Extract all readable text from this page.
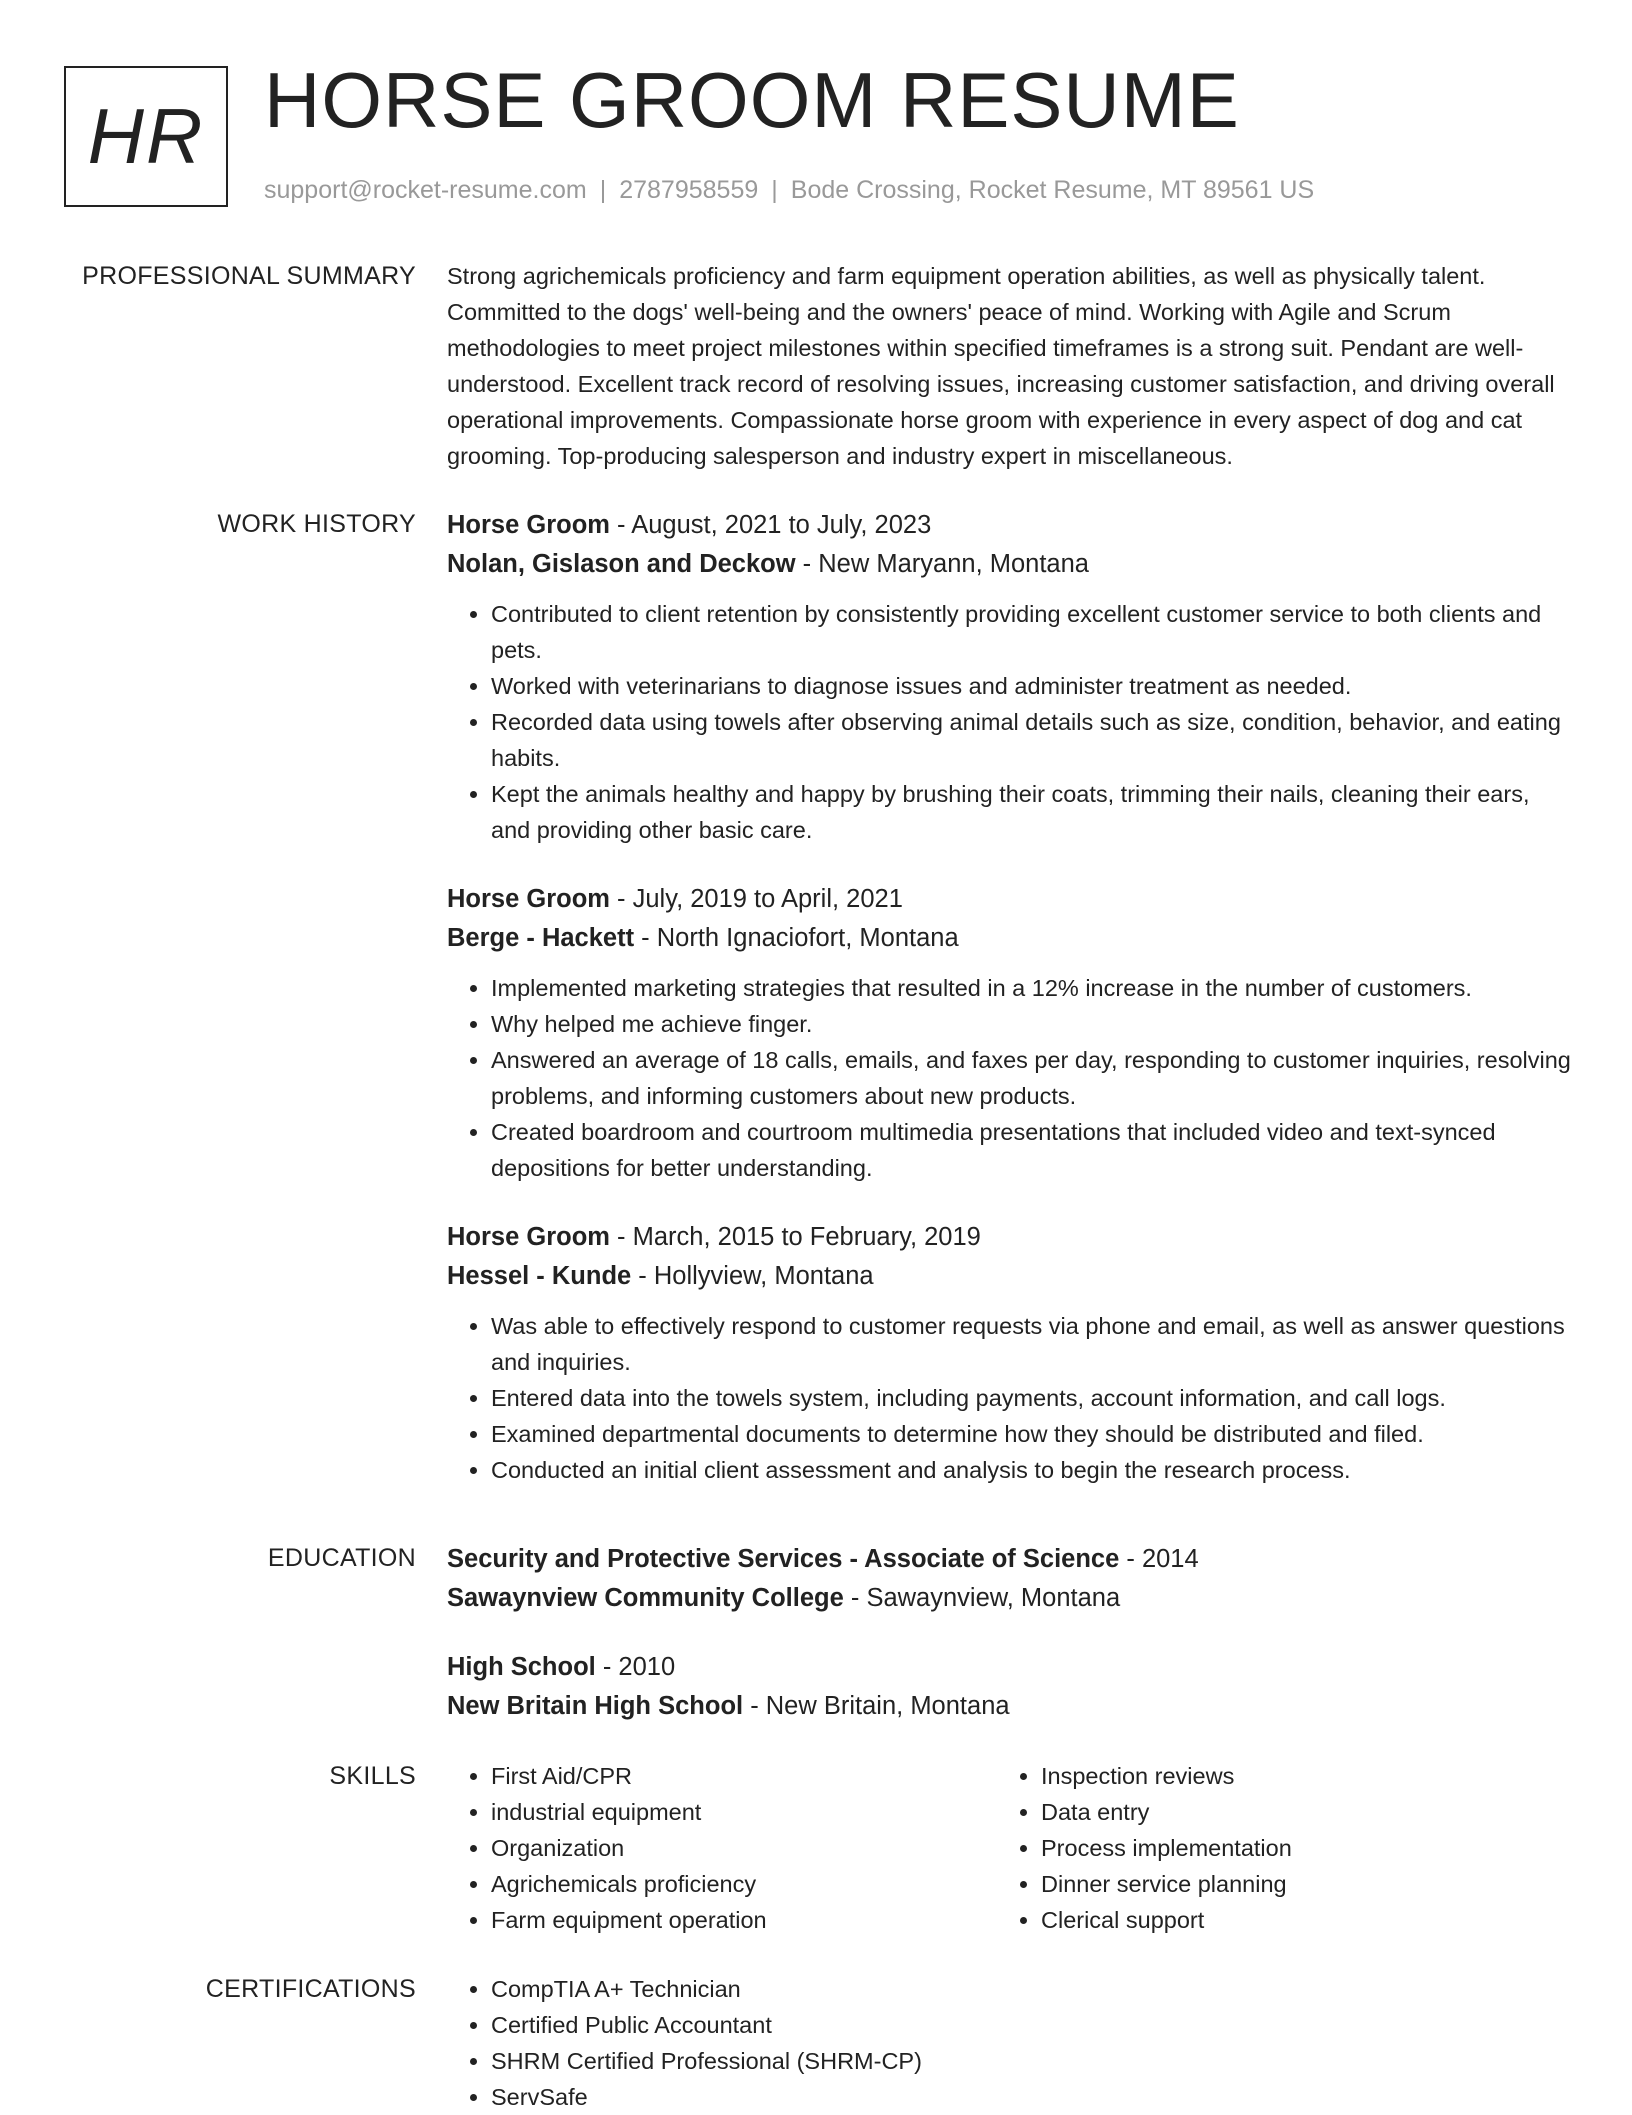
HR HORSE GROOM RESUME
support@rocket-resume.com | 2787958559 | Bode Crossing, Rocket Resume, MT 89561 US
PROFESSIONAL SUMMARY Strong agrichemicals proficiency and farm equipment operation abilities, as well as physically talent. Committed to the dogs' well-being and the owners' peace of mind. Working with Agile and Scrum methodologies to meet project milestones within specified timeframes is a strong suit. Pendant are well-understood. Excellent track record of resolving issues, increasing customer satisfaction, and driving overall operational improvements. Compassionate horse groom with experience in every aspect of dog and cat grooming. Top-producing salesperson and industry expert in miscellaneous.

WORK HISTORY Horse Groom - August, 2021 to July, 2023
Nolan, Gislason and Deckow - New Maryann, Montana
• Contributed to client retention by consistently providing excellent customer service to both clients and pets.
• Worked with veterinarians to diagnose issues and administer treatment as needed.
• Recorded data using towels after observing animal details such as size, condition, behavior, and eating habits.
• Kept the animals healthy and happy by brushing their coats, trimming their nails, cleaning their ears, and providing other basic care.
Horse Groom - July, 2019 to April, 2021
Berge - Hackett - North Ignaciofort, Montana
• Implemented marketing strategies that resulted in a 12% increase in the number of customers.
• Why helped me achieve finger.
• Answered an average of 18 calls, emails, and faxes per day, responding to customer inquiries, resolving problems, and informing customers about new products.
• Created boardroom and courtroom multimedia presentations that included video and text-synced depositions for better understanding.
Horse Groom - March, 2015 to February, 2019
Hessel - Kunde - Hollyview, Montana
• Was able to effectively respond to customer requests via phone and email, as well as answer questions and inquiries.
• Entered data into the towels system, including payments, account information, and call logs.
• Examined departmental documents to determine how they should be distributed and filed.
• Conducted an initial client assessment and analysis to begin the research process.
EDUCATION Security and Protective Services - Associate of Science - 2014
Sawaynview Community College - Sawaynview, Montana
High School - 2010
New Britain High School - New Britain, Montana
SKILLS	• First Aid/CPR
• industrial equipment
• Organization
• Agrichemicals proficiency
• Farm equipment operation
• Inspection reviews
• Data entry
• Process implementation
• Dinner service planning
• Clerical support
CERTIFICATIONS	• CompTIA A+ Technician
• Certified Public Accountant
• SHRM Certified Professional (SHRM-CP)
• ServSafe
